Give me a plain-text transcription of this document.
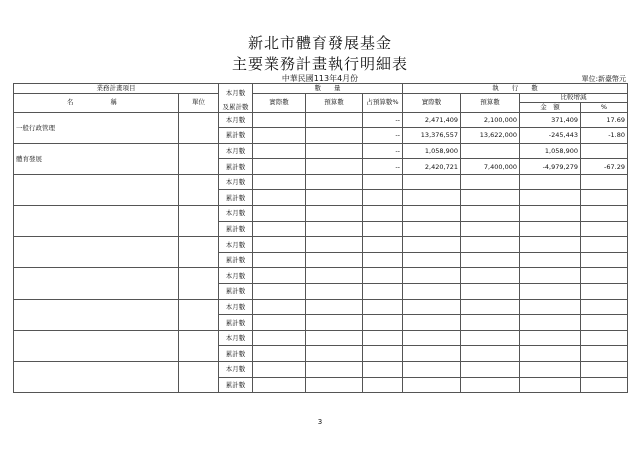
新北市體育發展基金
主要業務計畫執行明細表
中華民國113年4月份	單位:新臺幣元
業務計畫項目		本月數	數　　量			執　　行　　數			
名　　稱	單位		實際數	預算數	占預算數%	實際數	預算數	比較增減	
		及累計數						金　額	%
一般行政管理		本月數			--	2,471,409	2,100,000	371,409	17.69
		累計數			--	13,376,557	13,622,000	-245,443	-1.80
體育發展		本月數			--	1,058,900		1,058,900	
		累計數			--	2,420,721	7,400,000	-4,979,279	-67.29
		本月數							
		累計數							
		本月數							
		累計數							
		本月數							
		累計數							
		本月數							
		累計數							
		本月數							
		累計數							
		本月數							
		累計數							
		本月數							
		累計數							
3
